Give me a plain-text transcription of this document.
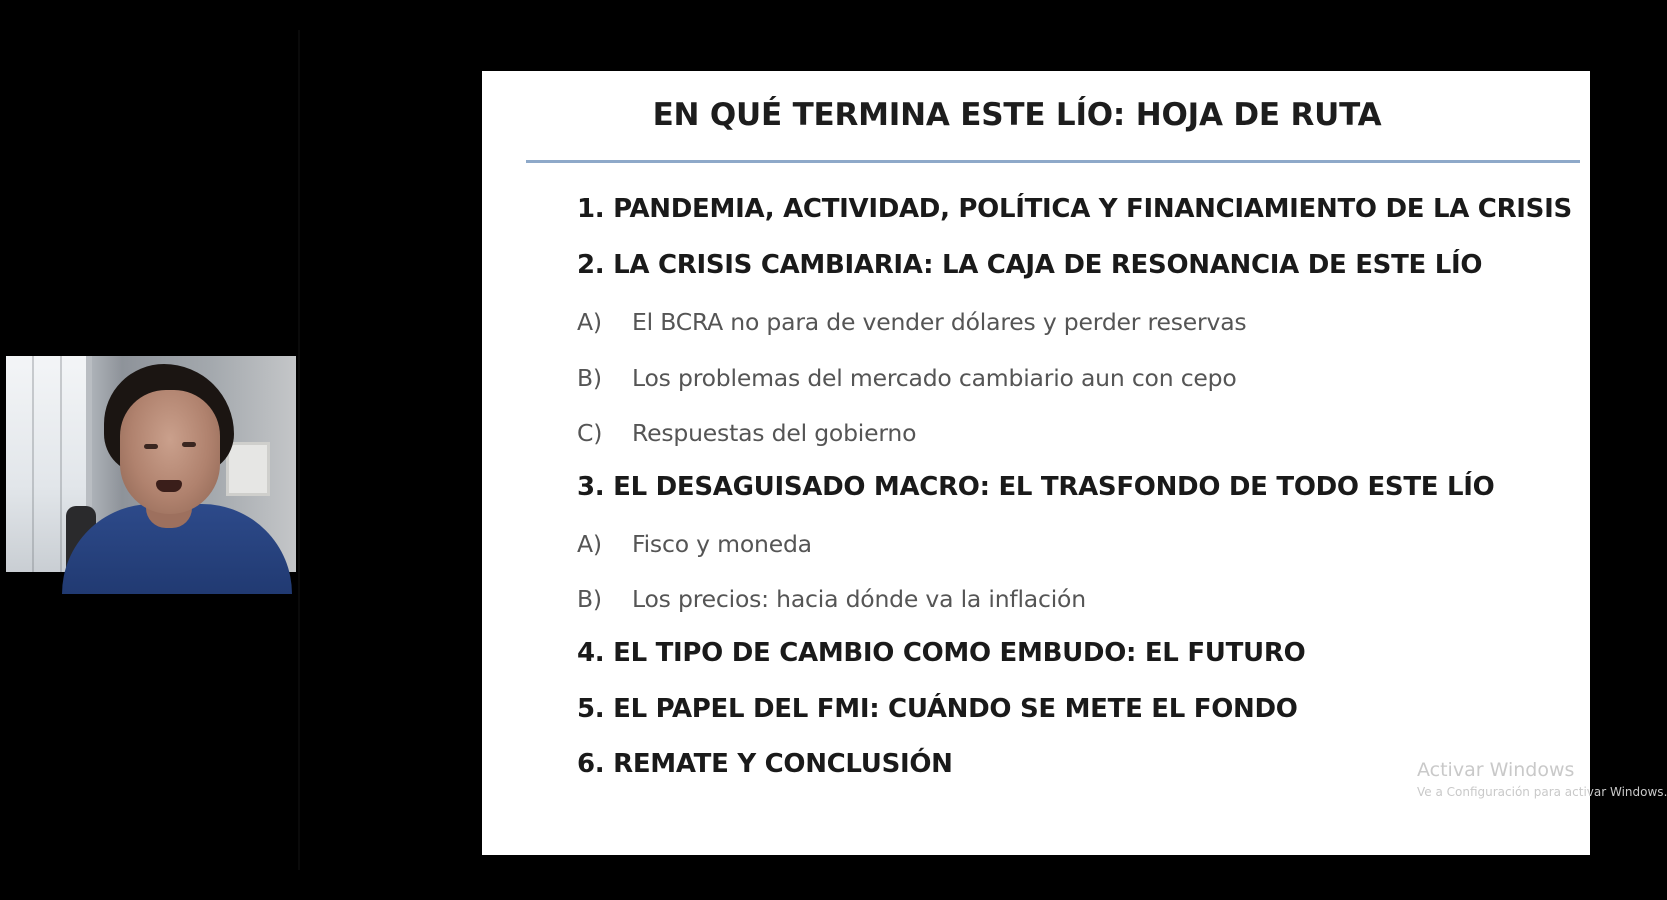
EN QUÉ TERMINA ESTE LÍO: HOJA DE RUTA
1. PANDEMIA, ACTIVIDAD, POLÍTICA Y FINANCIAMIENTO DE LA CRISIS
2. LA CRISIS CAMBIARIA: LA CAJA DE RESONANCIA DE ESTE LÍO
A) El BCRA no para de vender dólares y perder reservas
B) Los problemas del mercado cambiario aun con cepo
C) Respuestas del gobierno
3. EL DESAGUISADO MACRO: EL TRASFONDO DE TODO ESTE LÍO
A) Fisco y moneda
B) Los precios: hacia dónde va la inflación
4. EL TIPO DE CAMBIO COMO EMBUDO: EL FUTURO
5. EL PAPEL DEL FMI: CUÁNDO SE METE EL FONDO
6. REMATE Y CONCLUSIÓN	Activar Windows
Ve a Configuración para activar Windows.
